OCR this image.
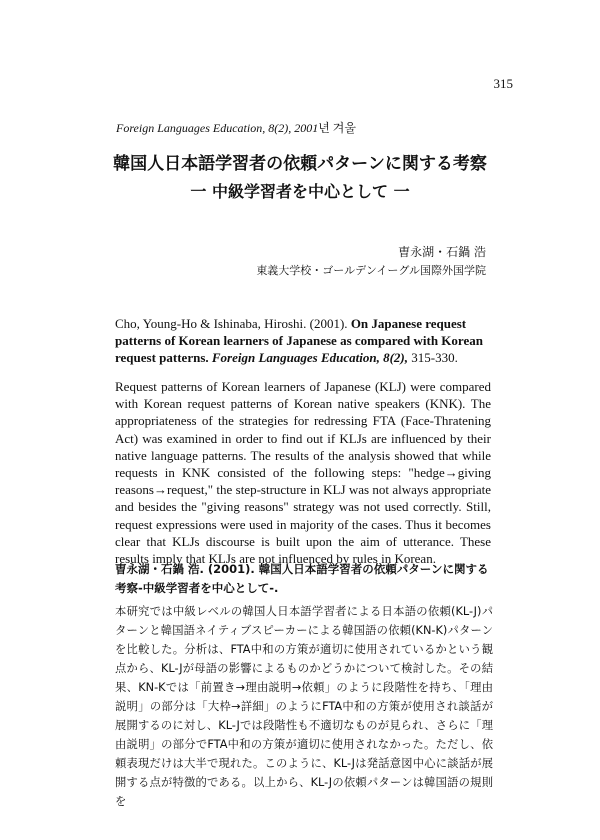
315
Foreign Languages Education, 8(2), 2001년 겨울
韓国人日本語学習者の依頼パターンに関する考察
一 中級学習者を中心として 一
曺永湖・石鍋 浩
東義大学校・ゴールデンイーグル国際外国学院
Cho, Young-Ho & Ishinaba, Hiroshi. (2001). On Japanese request patterns of Korean learners of Japanese as compared with Korean request patterns. Foreign Languages Education, 8(2), 315-330.
Request patterns of Korean learners of Japanese (KLJ) were compared with Korean request patterns of Korean native speakers (KNK). The appropriateness of the strategies for redressing FTA (Face-Thratening Act) was examined in order to find out if KLJs are influenced by their native language patterns. The results of the analysis showed that while requests in KNK consisted of the following steps: "hedge→giving reasons→request," the step-structure in KLJ was not always appropriate and besides the "giving reasons" strategy was not used correctly. Still, request expressions were used in majority of the cases. Thus it becomes clear that KLJs discourse is built upon the aim of utterance. These results imply that KLJs are not influenced by rules in Korean.
曺永湖・石鍋 浩. (2001). 韓国人日本語学習者の依頼パターンに関する考察-中級学習者を中心として-.
本研究では中級レベルの韓国人日本語学習者による日本語の依頼(KL-J)パターンと韓国語ネイティブスピーカーによる韓国語の依頼(KN-K)パターンを比較した。分析は、FTA中和の方策が適切に使用されているかという観点から、KL-Jが母語の影響によるものかどうかについて検討した。その結果、KN-Kでは「前置き→理由説明→依頼」のように段階性を持ち、「理由説明」の部分は「大枠→詳細」のようにFTA中和の方策が使用され談話が展開するのに対し、KL-Jでは段階性も不適切なものが見られ、さらに「理由説明」の部分でFTA中和の方策が適切に使用されなかった。ただし、依頼表現だけは大半で現れた。このように、KL-Jは発話意図中心に談話が展開する点が特徴的である。以上から、KL-Jの依頼パターンは韓国語の規則を
